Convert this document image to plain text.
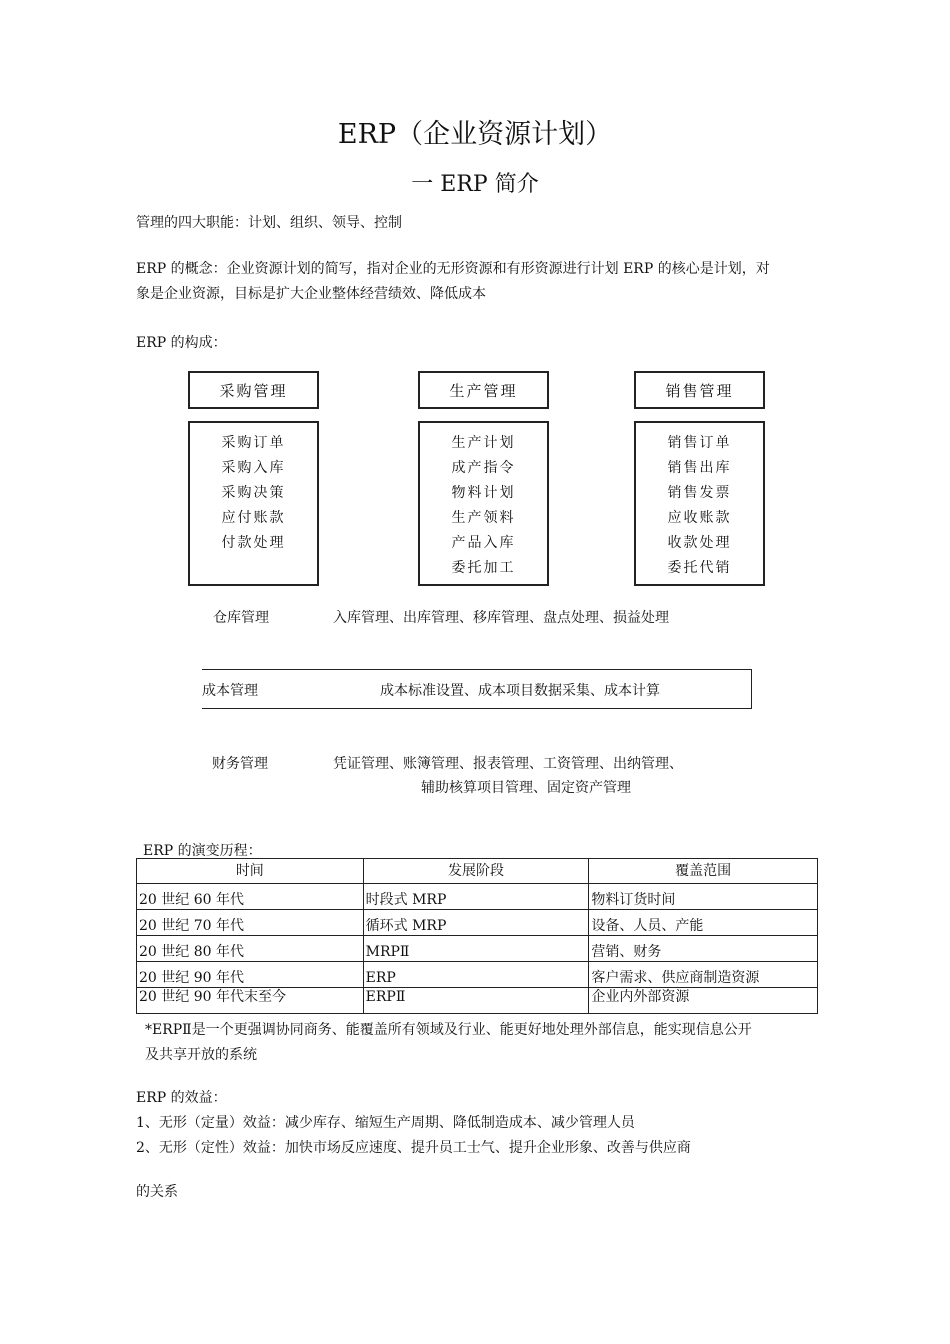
ERP（企业资源计划）
一 ERP 简介
管理的四大职能：计划、组织、领导、控制
ERP 的概念：企业资源计划的简写，指对企业的无形资源和有形资源进行计划 ERP 的核心是计划，对
象是企业资源，目标是扩大企业整体经营绩效、降低成本
ERP 的构成：
采购管理
采购订单
采购入库
采购决策
应付账款
付款处理
生产管理
生产计划
成产指令
物料计划
生产领料
产品入库
委托加工
销售管理
销售订单
销售出库
销售发票
应收账款
收款处理
委托代销
仓库管理	入库管理、出库管理、移库管理、盘点处理、损益处理
成本管理	成本标准设置、成本项目数据采集、成本计算
财务管理	凭证管理、账簿管理、报表管理、工资管理、出纳管理、
辅助核算项目管理、固定资产管理
ERP 的演变历程：
时间	发展阶段	覆盖范围
20 世纪 60 年代	时段式 MRP	物料订货时间
20 世纪 70 年代	循环式 MRP	设备、人员、产能
20 世纪 80 年代	MRPⅡ	营销、财务
20 世纪 90 年代	ERP	客户需求、供应商制造资源
20 世纪 90 年代末至今	ERPⅡ	企业内外部资源
*ERPⅡ是一个更强调协同商务、能覆盖所有领域及行业、能更好地处理外部信息，能实现信息公开
及共享开放的系统
ERP 的效益：
1、无形（定量）效益：减少库存、缩短生产周期、降低制造成本、减少管理人员
2、无形（定性）效益：加快市场反应速度、提升员工士气、提升企业形象、改善与供应商
的关系
